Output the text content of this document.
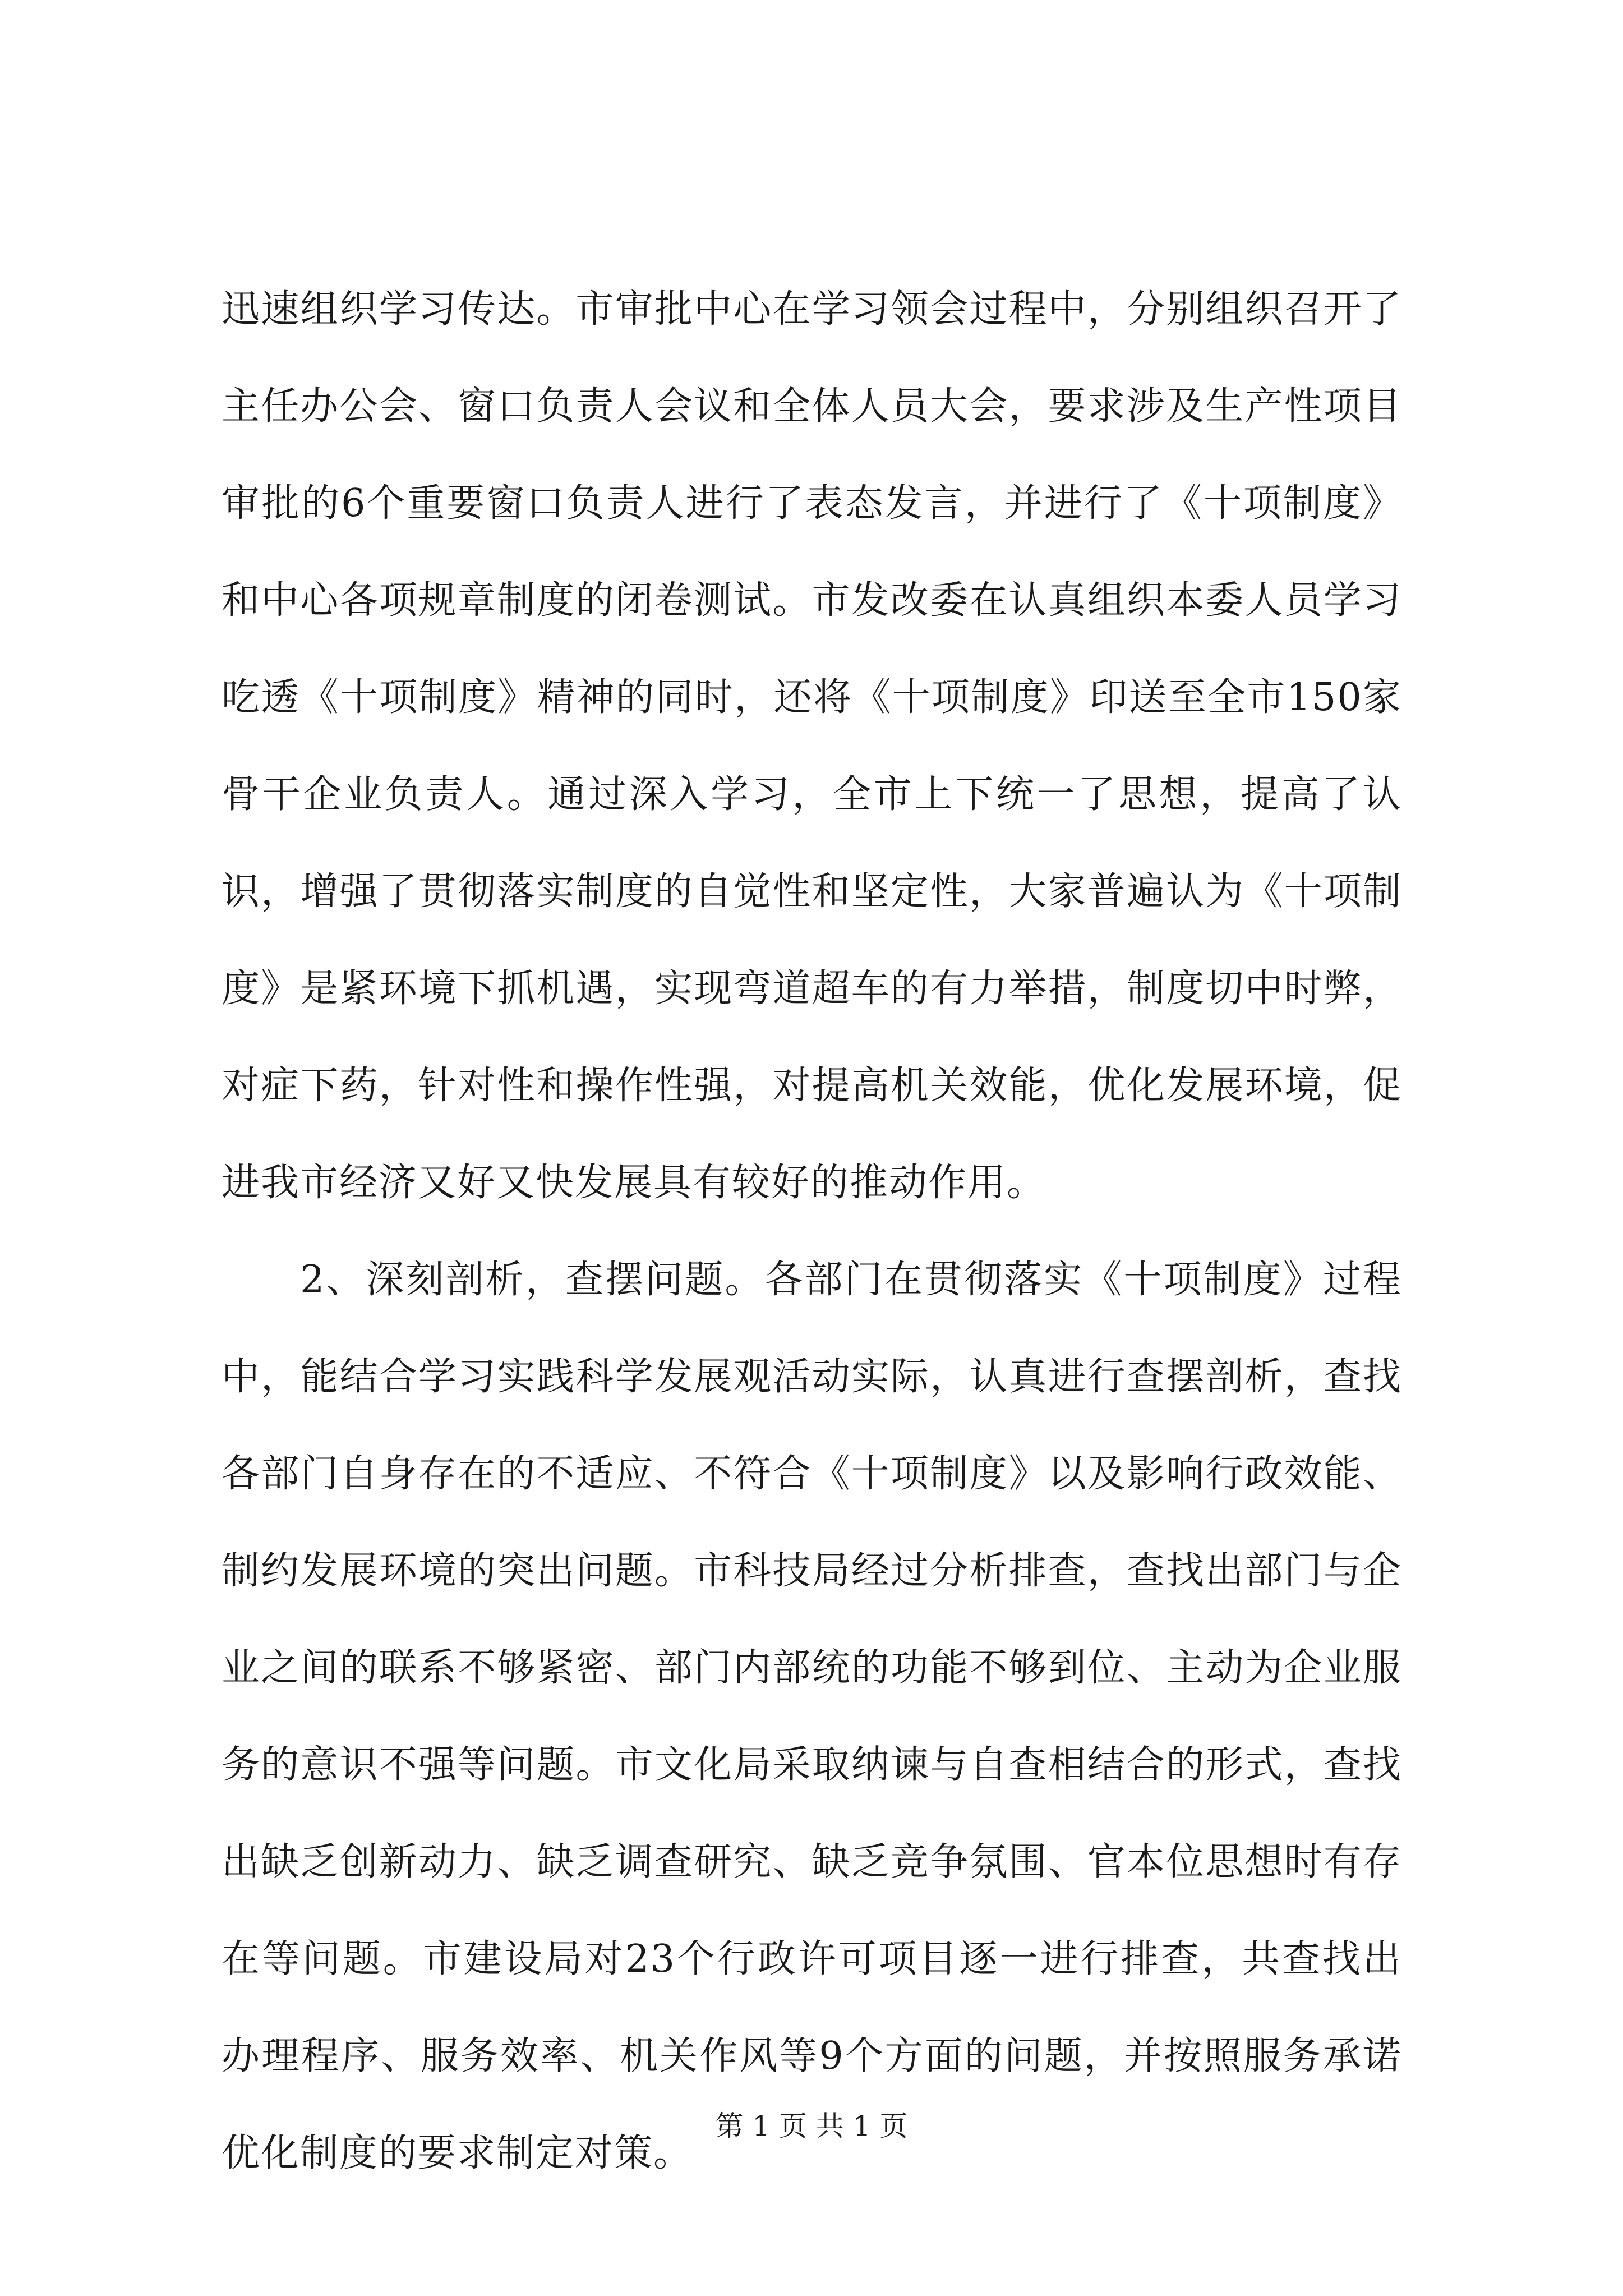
迅速组织学习传达。市审批中心在学习领会过程中，分别组织召开了主任办公会、窗口负责人会议和全体人员大会，要求涉及生产性项目审批的6个重要窗口负责人进行了表态发言，并进行了《十项制度》和中心各项规章制度的闭卷测试。市发改委在认真组织本委人员学习吃透《十项制度》精神的同时，还将《十项制度》印送至全市150家骨干企业负责人。通过深入学习，全市上下统一了思想，提高了认识，增强了贯彻落实制度的自觉性和坚定性，大家普遍认为《十项制度》是紧环境下抓机遇，实现弯道超车的有力举措，制度切中时弊，对症下药，针对性和操作性强，对提高机关效能，优化发展环境，促进我市经济又好又快发展具有较好的推动作用。

2、深刻剖析，查摆问题。各部门在贯彻落实《十项制度》过程中，能结合学习实践科学发展观活动实际，认真进行查摆剖析，查找各部门自身存在的不适应、不符合《十项制度》以及影响行政效能、制约发展环境的突出问题。市科技局经过分析排查，查找出部门与企业之间的联系不够紧密、部门内部统的功能不够到位、主动为企业服务的意识不强等问题。市文化局采取纳谏与自查相结合的形式，查找出缺乏创新动力、缺乏调查研究、缺乏竞争氛围、官本位思想时有存在等问题。市建设局对23个行政许可项目逐一进行排查，共查找出办理程序、服务效率、机关作风等9个方面的问题，并按照服务承诺优化制度的要求制定对策。

第 1 页 共 1 页
